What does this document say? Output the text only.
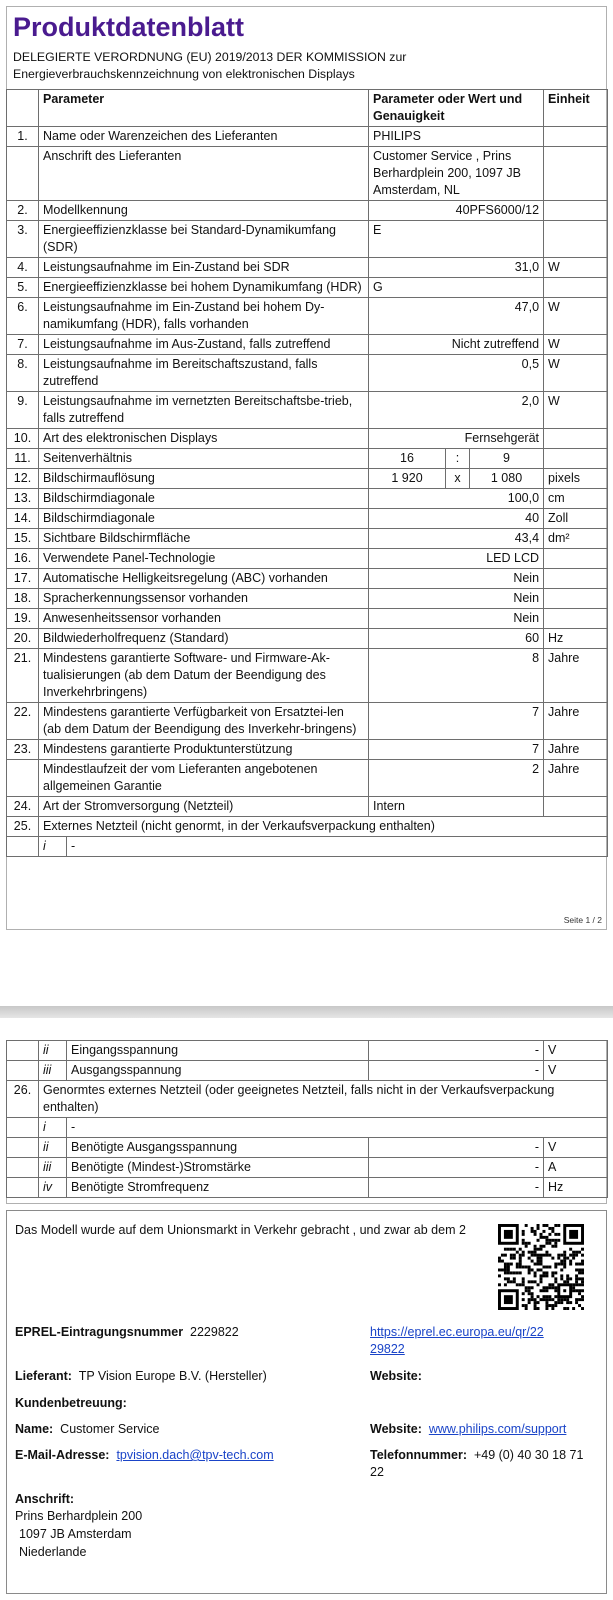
Produktdatenblatt
DELEGIERTE VERORDNUNG (EU) 2019/2013 DER KOMMISSION zur
Energieverbrauchskennzeichnung von elektronischen Displays
	Parameter		Parameter oder Wert und Genauigkeit			Einheit
1.	Name oder Warenzeichen des Lieferanten		PHILIPS			
	Anschrift des Lieferanten		Customer Service , Prins Berhardplein 200, 1097 JB Amsterdam, NL			
2.	Modellkennung		40PFS6000/12			
3.	Energieeffizienzklasse bei Standard-Dynamikumfang (SDR)		E			
4.	Leistungsaufnahme im Ein-Zustand bei SDR		31,0			W
5.	Energieeffizienzklasse bei hohem Dynamikumfang (HDR)		G			
6.	Leistungsaufnahme im Ein-Zustand bei hohem Dy-namikumfang (HDR), falls vorhanden		47,0			W
7.	Leistungsaufnahme im Aus-Zustand, falls zutreffend		Nicht zutreffend			W
8.	Leistungsaufnahme im Bereitschaftszustand, falls zutreffend		0,5			W
9.	Leistungsaufnahme im vernetzten Bereitschaftsbe-trieb, falls zutreffend		2,0			W
10.	Art des elektronischen Displays		Fernsehgerät			
11.	Seitenverhältnis		16	:	9	
12.	Bildschirmauflösung		1 920	x	1 080	pixels
13.	Bildschirmdiagonale		100,0			cm
14.	Bildschirmdiagonale		40			Zoll
15.	Sichtbare Bildschirmfläche		43,4			dm²
16.	Verwendete Panel-Technologie		LED LCD			
17.	Automatische Helligkeitsregelung (ABC) vorhanden		Nein			
18.	Spracherkennungssensor vorhanden		Nein			
19.	Anwesenheitssensor vorhanden		Nein			
20.	Bildwiederholfrequenz (Standard)		60			Hz
21.	Mindestens garantierte Software- und Firmware-Ak-tualisierungen (ab dem Datum der Beendigung des Inverkehrbringens)		8			Jahre
22.	Mindestens garantierte Verfügbarkeit von Ersatztei-len (ab dem Datum der Beendigung des Inverkehr-bringens)		7			Jahre
23.	Mindestens garantierte Produktunterstützung		7			Jahre
	Mindestlaufzeit der vom Lieferanten angebotenen allgemeinen Garantie		2			Jahre
24.	Art der Stromversorgung (Netzteil)		Intern			
25.	Externes Netzteil (nicht genormt, in der Verkaufsverpackung enthalten)					
	i	-				
Seite 1 / 2
	ii	Eingangsspannung	-	V
	iii	Ausgangsspannung	-	V
26.	Genormtes externes Netzteil (oder geeignetes Netzteil, falls nicht in der Verkaufsverpackung enthalten)			
	i	-		
	ii	Benötigte Ausgangsspannung	-	V
	iii	Benötigte (Mindest-)Stromstärke	-	A
	iv	Benötigte Stromfrequenz	-	Hz
Das Modell wurde auf dem Unionsmarkt in Verkehr gebracht , und zwar ab dem 2
EPREL-Eintragungsnummer 2229822	https://eprel.ec.europa.eu/qr/22
29822
Lieferant: TP Vision Europe B.V. (Hersteller)	Website:
Kundenbetreuung:
Name: Customer Service	Website: www.philips.com/support
E-Mail-Adresse: tpvision.dach@tpv-tech.com	Telefonnummer: +49 (0) 40 30 18 71
22
Anschrift:
Prins Berhardplein 200
1097 JB Amsterdam
Niederlande
